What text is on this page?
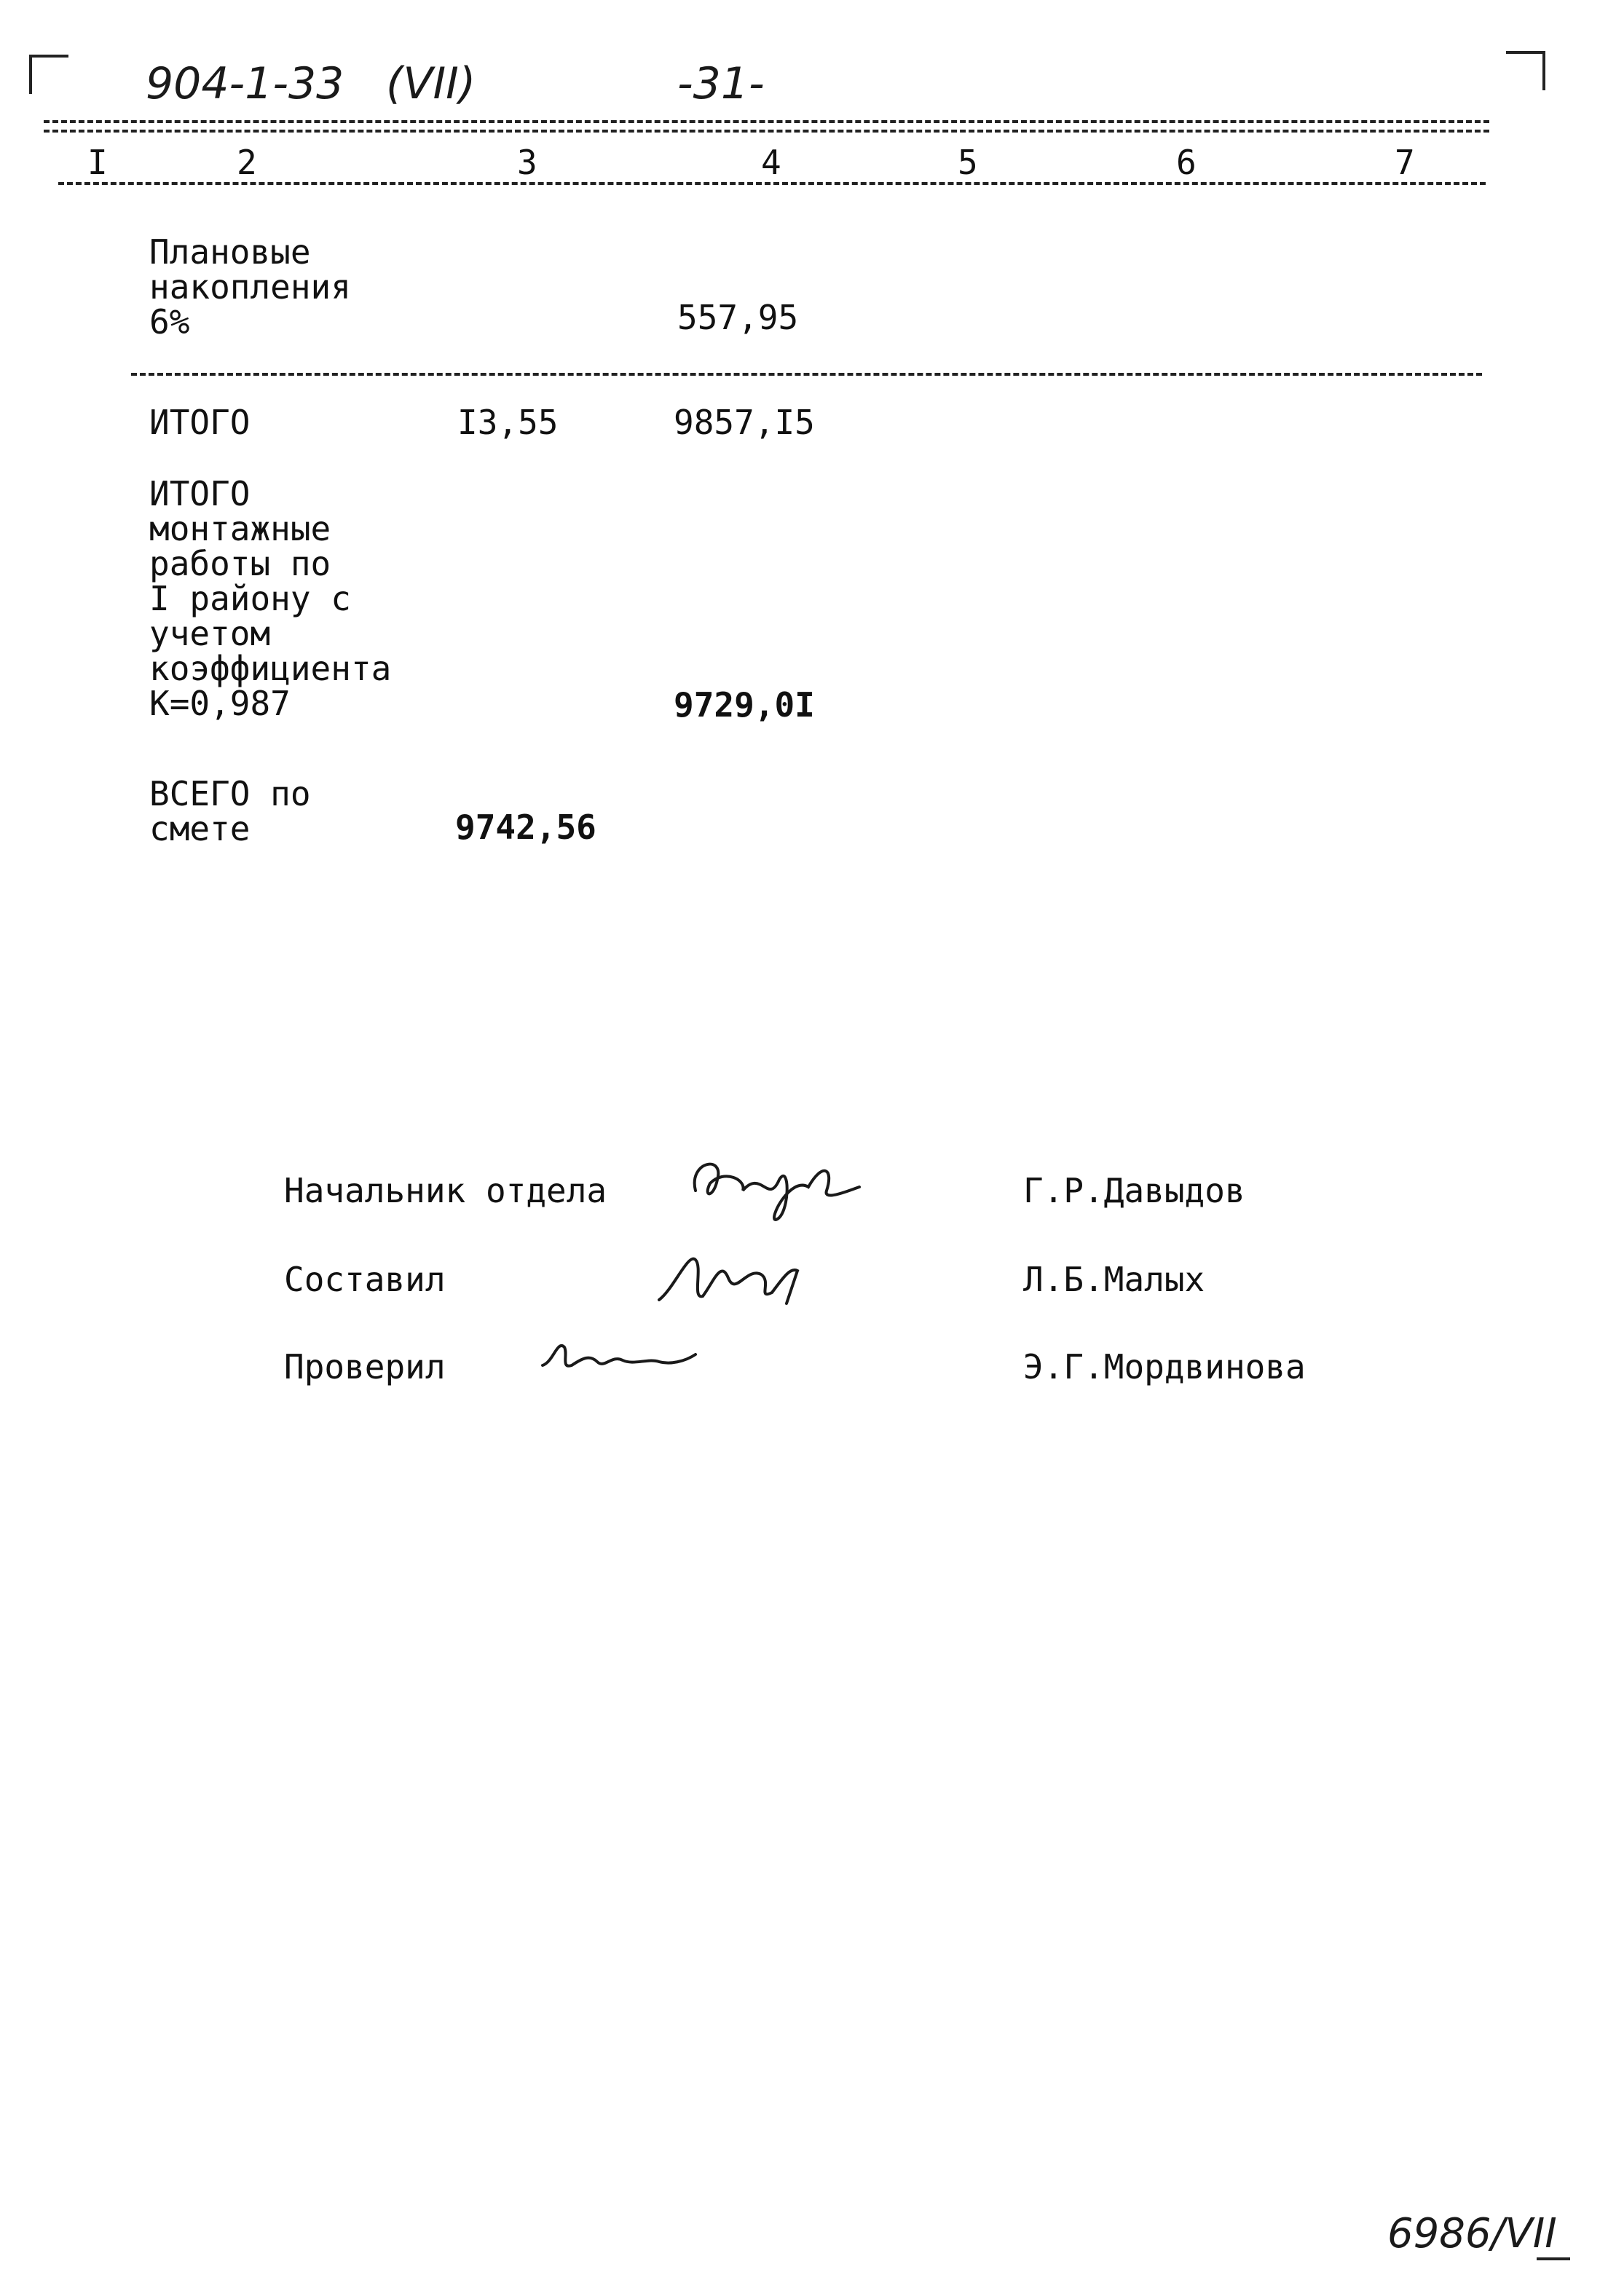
904-1-33 (VII)	-31-
I	2	3	4	5	6	7
Плановые
накопления
6%	557,95
ИТОГО	I3,55	9857,I5
ИТОГО
монтажные
работы по
I району с
учетом
коэффициента
К=0,987	9729,0I
ВСЕГО по
смете	9742,56
Начальник отдела	Г.Р.Давыдов
Составил	Л.Б.Малых
Проверил	Э.Г.Мордвинова
6986/VII
